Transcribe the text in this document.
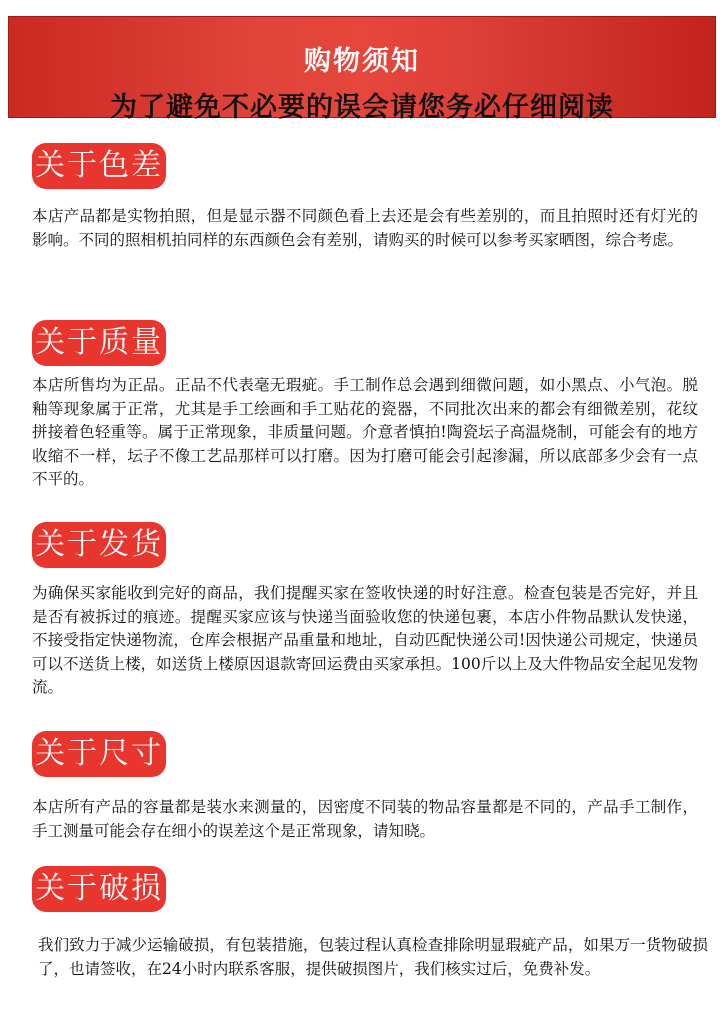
购物须知
为了避免不必要的误会请您务必仔细阅读
关于色差
本店产品都是实物拍照，但是显示器不同颜色看上去还是会有些差别的，而且拍照时还有灯光的影响。不同的照相机拍同样的东西颜色会有差别，请购买的时候可以参考买家晒图，综合考虑。
关于质量
本店所售均为正品。正品不代表毫无瑕疵。手工制作总会遇到细微问题，如小黑点、小气泡。脱釉等现象属于正常，尤其是手工绘画和手工贴花的瓷器，不同批次出来的都会有细微差别，花纹拼接着色轻重等。属于正常现象，非质量问题。介意者慎拍!陶瓷坛子高温烧制，可能会有的地方收缩不一样，坛子不像工艺品那样可以打磨。因为打磨可能会引起渗漏，所以底部多少会有一点不平的。
关于发货
为确保买家能收到完好的商品，我们提醒买家在签收快递的时好注意。检查包装是否完好，并且是否有被拆过的痕迹。提醒买家应该与快递当面验收您的快递包裹，本店小件物品默认发快递，不接受指定快递物流，仓库会根据产品重量和地址，自动匹配快递公司!因快递公司规定，快递员可以不送货上楼，如送货上楼原因退款寄回运费由买家承担。100斤以上及大件物品安全起见发物流。
关于尺寸
本店所有产品的容量都是装水来测量的，因密度不同装的物品容量都是不同的，产品手工制作，手工测量可能会存在细小的误差这个是正常现象，请知晓。
关于破损
我们致力于减少运输破损，有包装措施，包装过程认真检查排除明显瑕疵产品，如果万一货物破损了，也请签收，在24小时内联系客服，提供破损图片，我们核实过后，免费补发。
